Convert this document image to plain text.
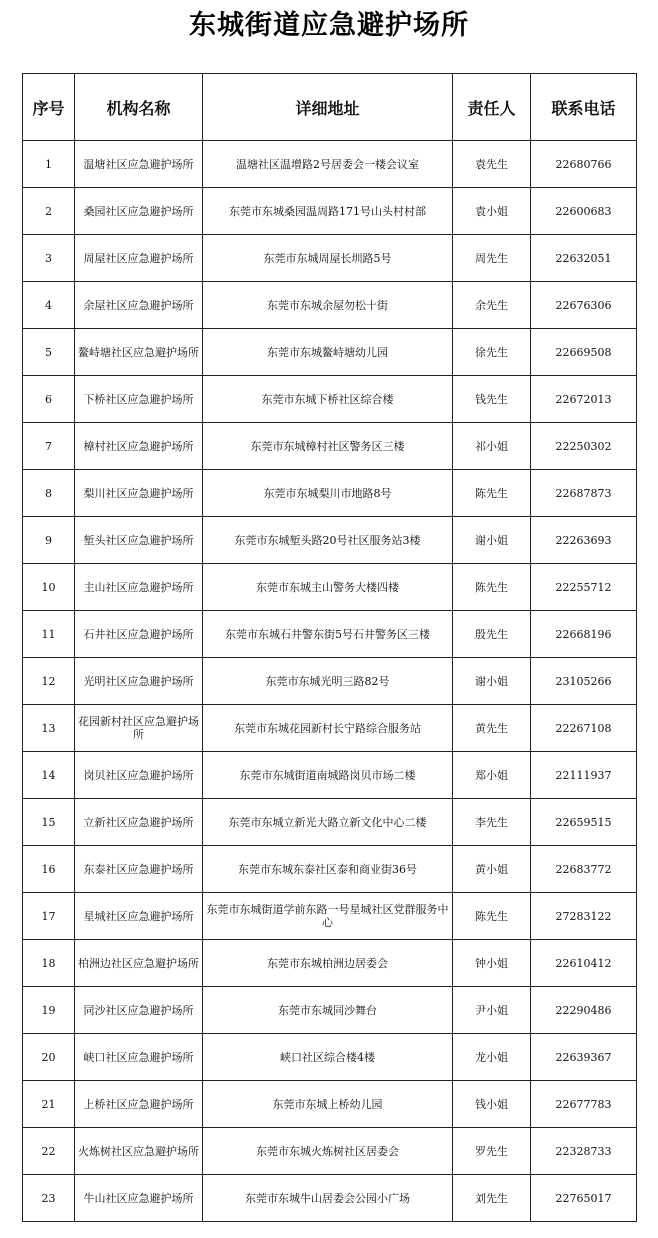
东城街道应急避护场所
序号	机构名称	详细地址	责任人	联系电话
1	温塘社区应急避护场所	温塘社区温增路2号居委会一楼会议室	袁先生	22680766
2	桑园社区应急避护场所	东莞市东城桑园温周路171号山头村村部	袁小姐	22600683
3	周屋社区应急避护场所	东莞市东城周屋长圳路5号	周先生	22632051
4	余屋社区应急避护场所	东莞市东城余屋勿松十街	余先生	22676306
5	鳌峙塘社区应急避护场所	东莞市东城鳌峙塘幼儿园	徐先生	22669508
6	下桥社区应急避护场所	东莞市东城下桥社区综合楼	钱先生	22672013
7	樟村社区应急避护场所	东莞市东城樟村社区警务区三楼	祁小姐	22250302
8	梨川社区应急避护场所	东莞市东城梨川市地路8号	陈先生	22687873
9	堑头社区应急避护场所	东莞市东城堑头路20号社区服务站3楼	谢小姐	22263693
10	主山社区应急避护场所	东莞市东城主山警务大楼四楼	陈先生	22255712
11	石井社区应急避护场所	东莞市东城石井警东街5号石井警务区三楼	殷先生	22668196
12	光明社区应急避护场所	东莞市东城光明三路82号	谢小姐	23105266
13	花园新村社区应急避护场所	东莞市东城花园新村长宁路综合服务站	黄先生	22267108
14	岗贝社区应急避护场所	东莞市东城街道南城路岗贝市场二楼	郑小姐	22111937
15	立新社区应急避护场所	东莞市东城立新光大路立新文化中心二楼	李先生	22659515
16	东泰社区应急避护场所	东莞市东城东泰社区泰和商业街36号	黄小姐	22683772
17	星城社区应急避护场所	东莞市东城街道学前东路一号星城社区党群服务中心	陈先生	27283122
18	柏洲边社区应急避护场所	东莞市东城柏洲边居委会	钟小姐	22610412
19	同沙社区应急避护场所	东莞市东城同沙舞台	尹小姐	22290486
20	峡口社区应急避护场所	峡口社区综合楼4楼	龙小姐	22639367
21	上桥社区应急避护场所	东莞市东城上桥幼儿园	钱小姐	22677783
22	火炼树社区应急避护场所	东莞市东城火炼树社区居委会	罗先生	22328733
23	牛山社区应急避护场所	东莞市东城牛山居委会公园小广场	刘先生	22765017
